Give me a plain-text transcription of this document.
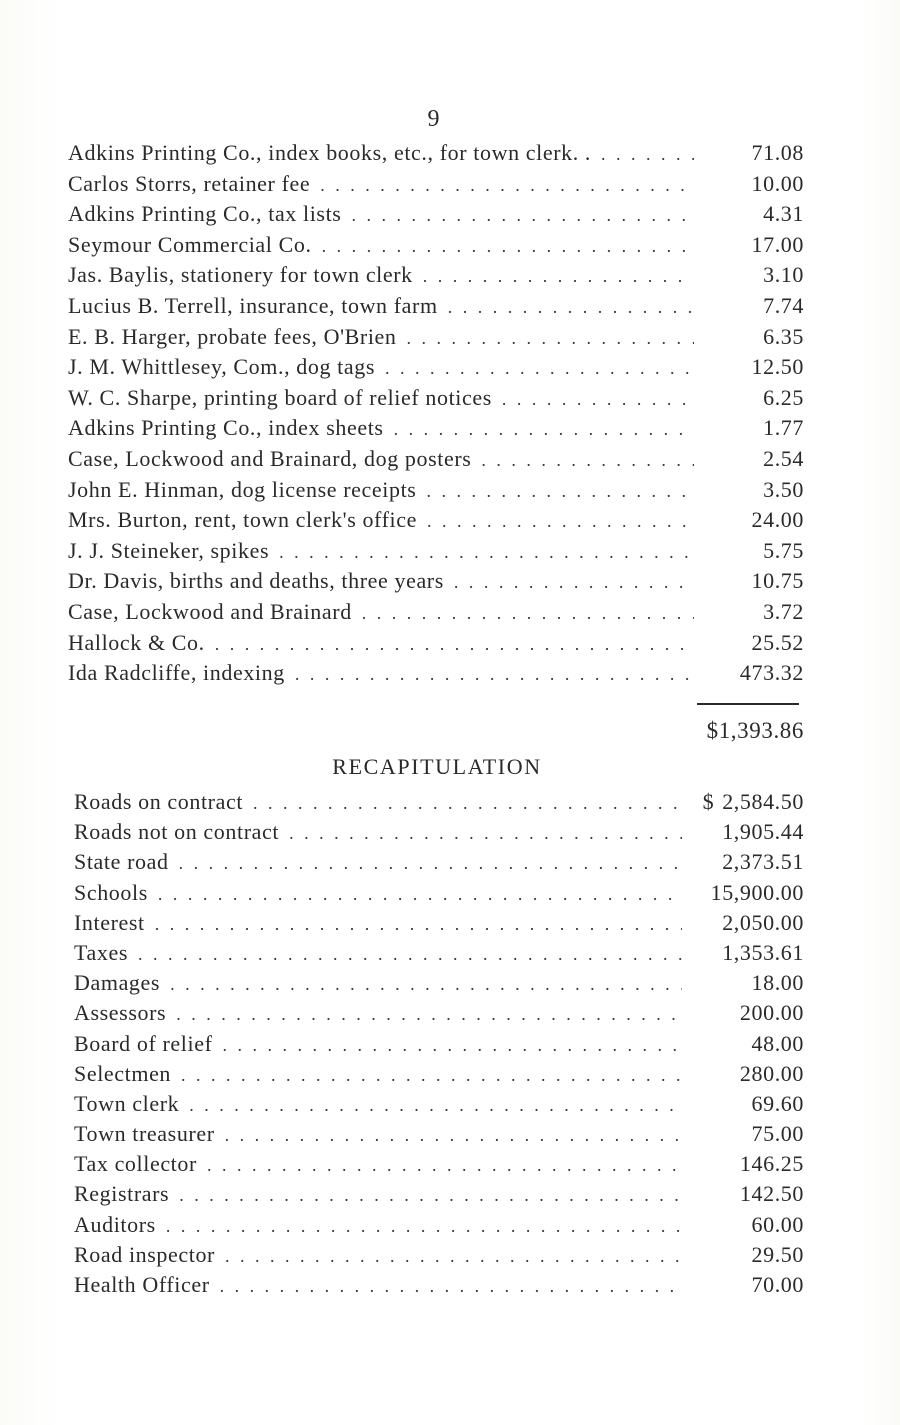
9
Adkins Printing Co., index books, etc., for town clerk. . . . .	71.08
Carlos Storrs, retainer fee . . .	10.00
Adkins Printing Co., tax lists . . .	4.31
Seymour Commercial Co. . . .	17.00
Jas. Baylis, stationery for town clerk . . .	3.10
Lucius B. Terrell, insurance, town farm . . .	7.74
E. B. Harger, probate fees, O'Brien . . .	6.35
J. M. Whittlesey, Com., dog tags . . .	12.50
W. C. Sharpe, printing board of relief notices . . .	6.25
Adkins Printing Co., index sheets . . .	1.77
Case, Lockwood and Brainard, dog posters . . .	2.54
John E. Hinman, dog license receipts . . .	3.50
Mrs. Burton, rent, town clerk's office . . .	24.00
J. J. Steineker, spikes . . .	5.75
Dr. Davis, births and deaths, three years . . .	10.75
Case, Lockwood and Brainard . . .	3.72
Hallock & Co. . . .	25.52
Ida Radcliffe, indexing . . .	473.32
$1,393.86
RECAPITULATION
Roads on contract . . .	$ 2,584.50
Roads not on contract . . .	1,905.44
State road . . .	2,373.51
Schools . . .	15,900.00
Interest . . .	2,050.00
Taxes . . .	1,353.61
Damages . . .	18.00
Assessors . . .	200.00
Board of relief . . .	48.00
Selectmen . . .	280.00
Town clerk . . .	69.60
Town treasurer . . .	75.00
Tax collector . . .	146.25
Registrars . . .	142.50
Auditors . . .	60.00
Road inspector . . .	29.50
Health Officer . . .	70.00
